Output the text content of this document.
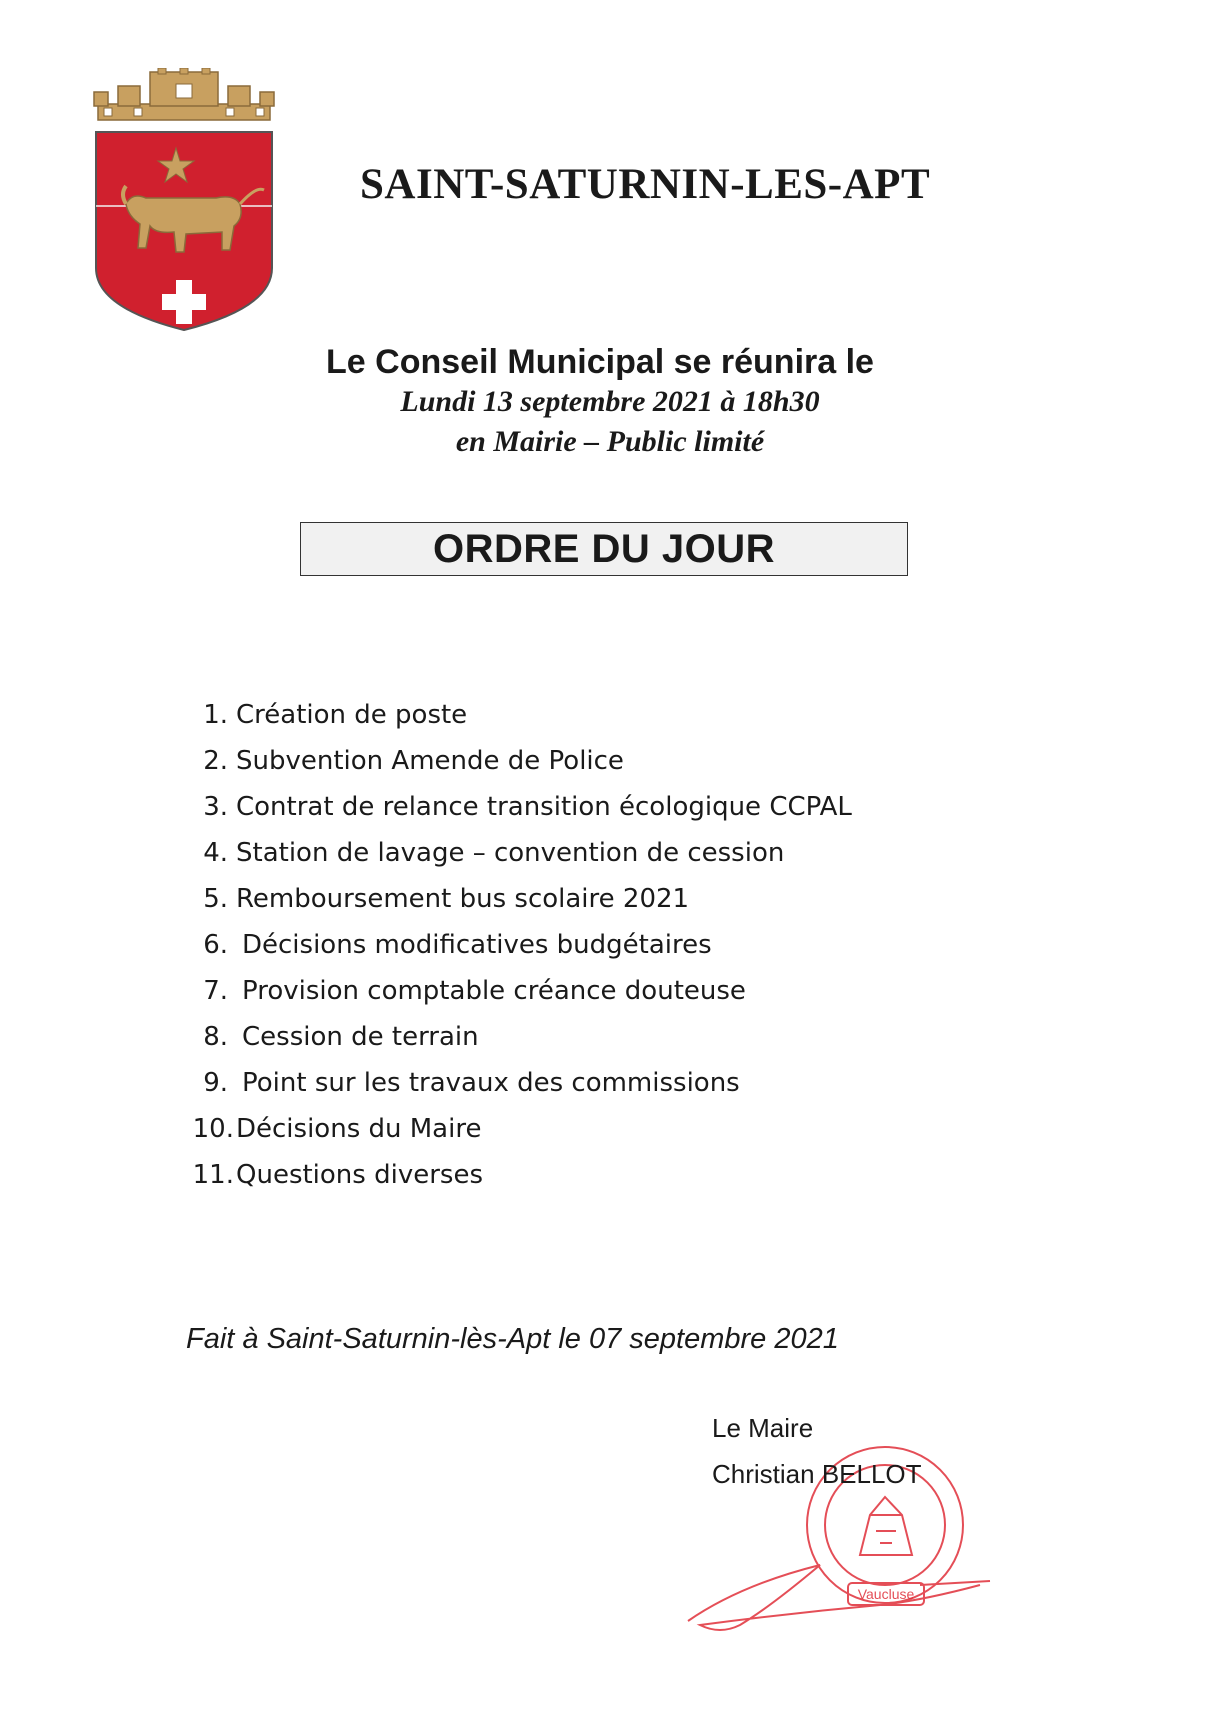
SAINT-SATURNIN-LES-APT
Le Conseil Municipal se réunira le
Lundi 13 septembre 2021 à 18h30
en Mairie – Public limité
ORDRE DU JOUR
1. Création de poste
2. Subvention Amende de Police
3. Contrat de relance transition écologique CCPAL
4. Station de lavage – convention de cession
5. Remboursement bus scolaire 2021
6. Décisions modificatives budgétaires
7. Provision comptable créance douteuse
8. Cession de terrain
9. Point sur les travaux des commissions
10. Décisions du Maire
11. Questions diverses
Fait à Saint-Saturnin-lès-Apt le 07 septembre 2021
Vaucluse
Le Maire
Christian BELLOT
